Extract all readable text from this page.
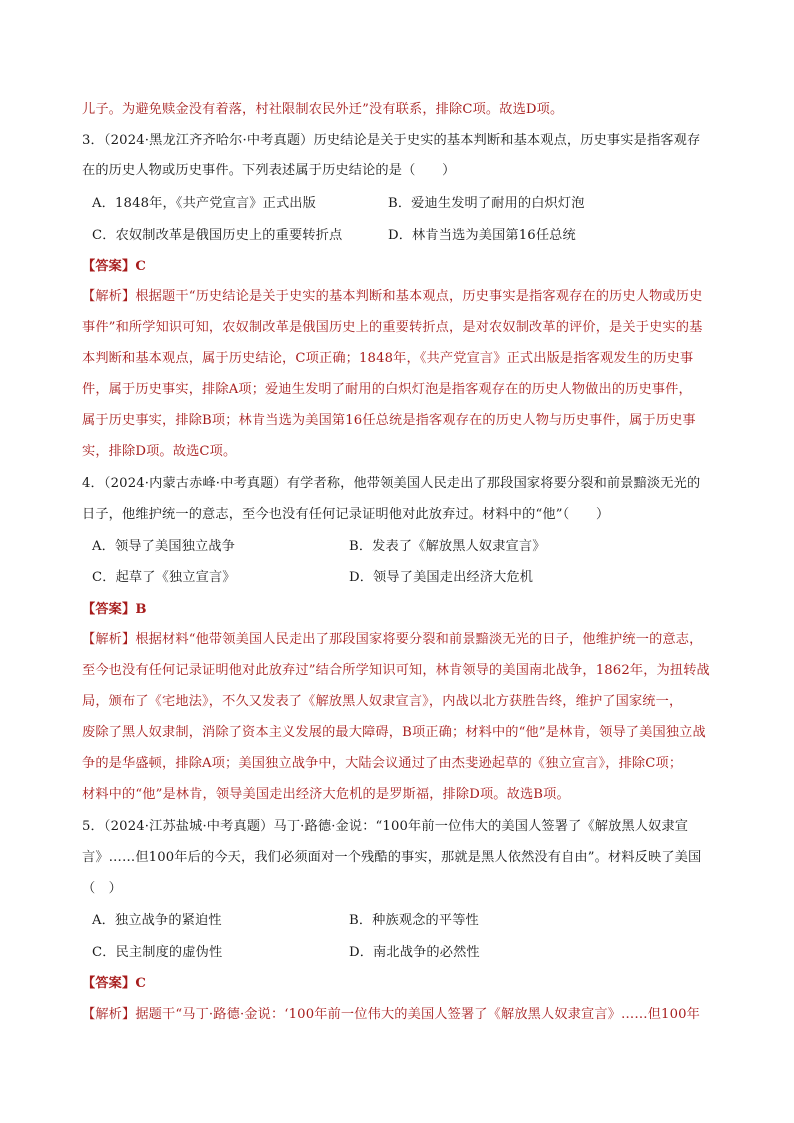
儿子。为避免赎金没有着落，村社限制农民外迁”没有联系，排除C项。故选D项。
3．（2024·黑龙江齐齐哈尔·中考真题）历史结论是关于史实的基本判断和基本观点，历史事实是指客观存
在的历史人物或历史事件。下列表述属于历史结论的是（　　）
A．1848年，《共产党宣言》正式出版	B．爱迪生发明了耐用的白炽灯泡
C．农奴制改革是俄国历史上的重要转折点	D．林肯当选为美国第16任总统
【答案】C
【解析】根据题干“历史结论是关于史实的基本判断和基本观点，历史事实是指客观存在的历史人物或历史
事件”和所学知识可知，农奴制改革是俄国历史上的重要转折点，是对农奴制改革的评价，是关于史实的基
本判断和基本观点，属于历史结论，C项正确；1848年，《共产党宣言》正式出版是指客观发生的历史事
件，属于历史事实，排除A项；爱迪生发明了耐用的白炽灯泡是指客观存在的历史人物做出的历史事件，
属于历史事实，排除B项；林肯当选为美国第16任总统是指客观存在的历史人物与历史事件，属于历史事
实，排除D项。故选C项。
4．（2024·内蒙古赤峰·中考真题）有学者称，他带领美国人民走出了那段国家将要分裂和前景黯淡无光的
日子，他维护统一的意志，至今也没有任何记录证明他对此放弃过。材料中的“他”（　　）
A．领导了美国独立战争	B．发表了《解放黑人奴隶宣言》
C．起草了《独立宣言》	D．领导了美国走出经济大危机
【答案】B
【解析】根据材料“他带领美国人民走出了那段国家将要分裂和前景黯淡无光的日子，他维护统一的意志，
至今也没有任何记录证明他对此放弃过”结合所学知识可知，林肯领导的美国南北战争，1862年，为扭转战
局，颁布了《宅地法》，不久又发表了《解放黑人奴隶宣言》，内战以北方获胜告终，维护了国家统一，
废除了黑人奴隶制，消除了资本主义发展的最大障碍，B项正确；材料中的“他”是林肯，领导了美国独立战
争的是华盛顿，排除A项；美国独立战争中，大陆会议通过了由杰斐逊起草的《独立宣言》，排除C项；
材料中的“他”是林肯，领导美国走出经济大危机的是罗斯福，排除D项。故选B项。
5．（2024·江苏盐城·中考真题）马丁·路德·金说：“100年前一位伟大的美国人签署了《解放黑人奴隶宣
言》……但100年后的今天，我们必须面对一个残酷的事实，那就是黑人依然没有自由”。材料反映了美国
（　）
A．独立战争的紧迫性	B．种族观念的平等性
C．民主制度的虚伪性	D．南北战争的必然性
【答案】C
【解析】据题干“马丁·路德·金说：‘100年前一位伟大的美国人签署了《解放黑人奴隶宣言》……但100年
